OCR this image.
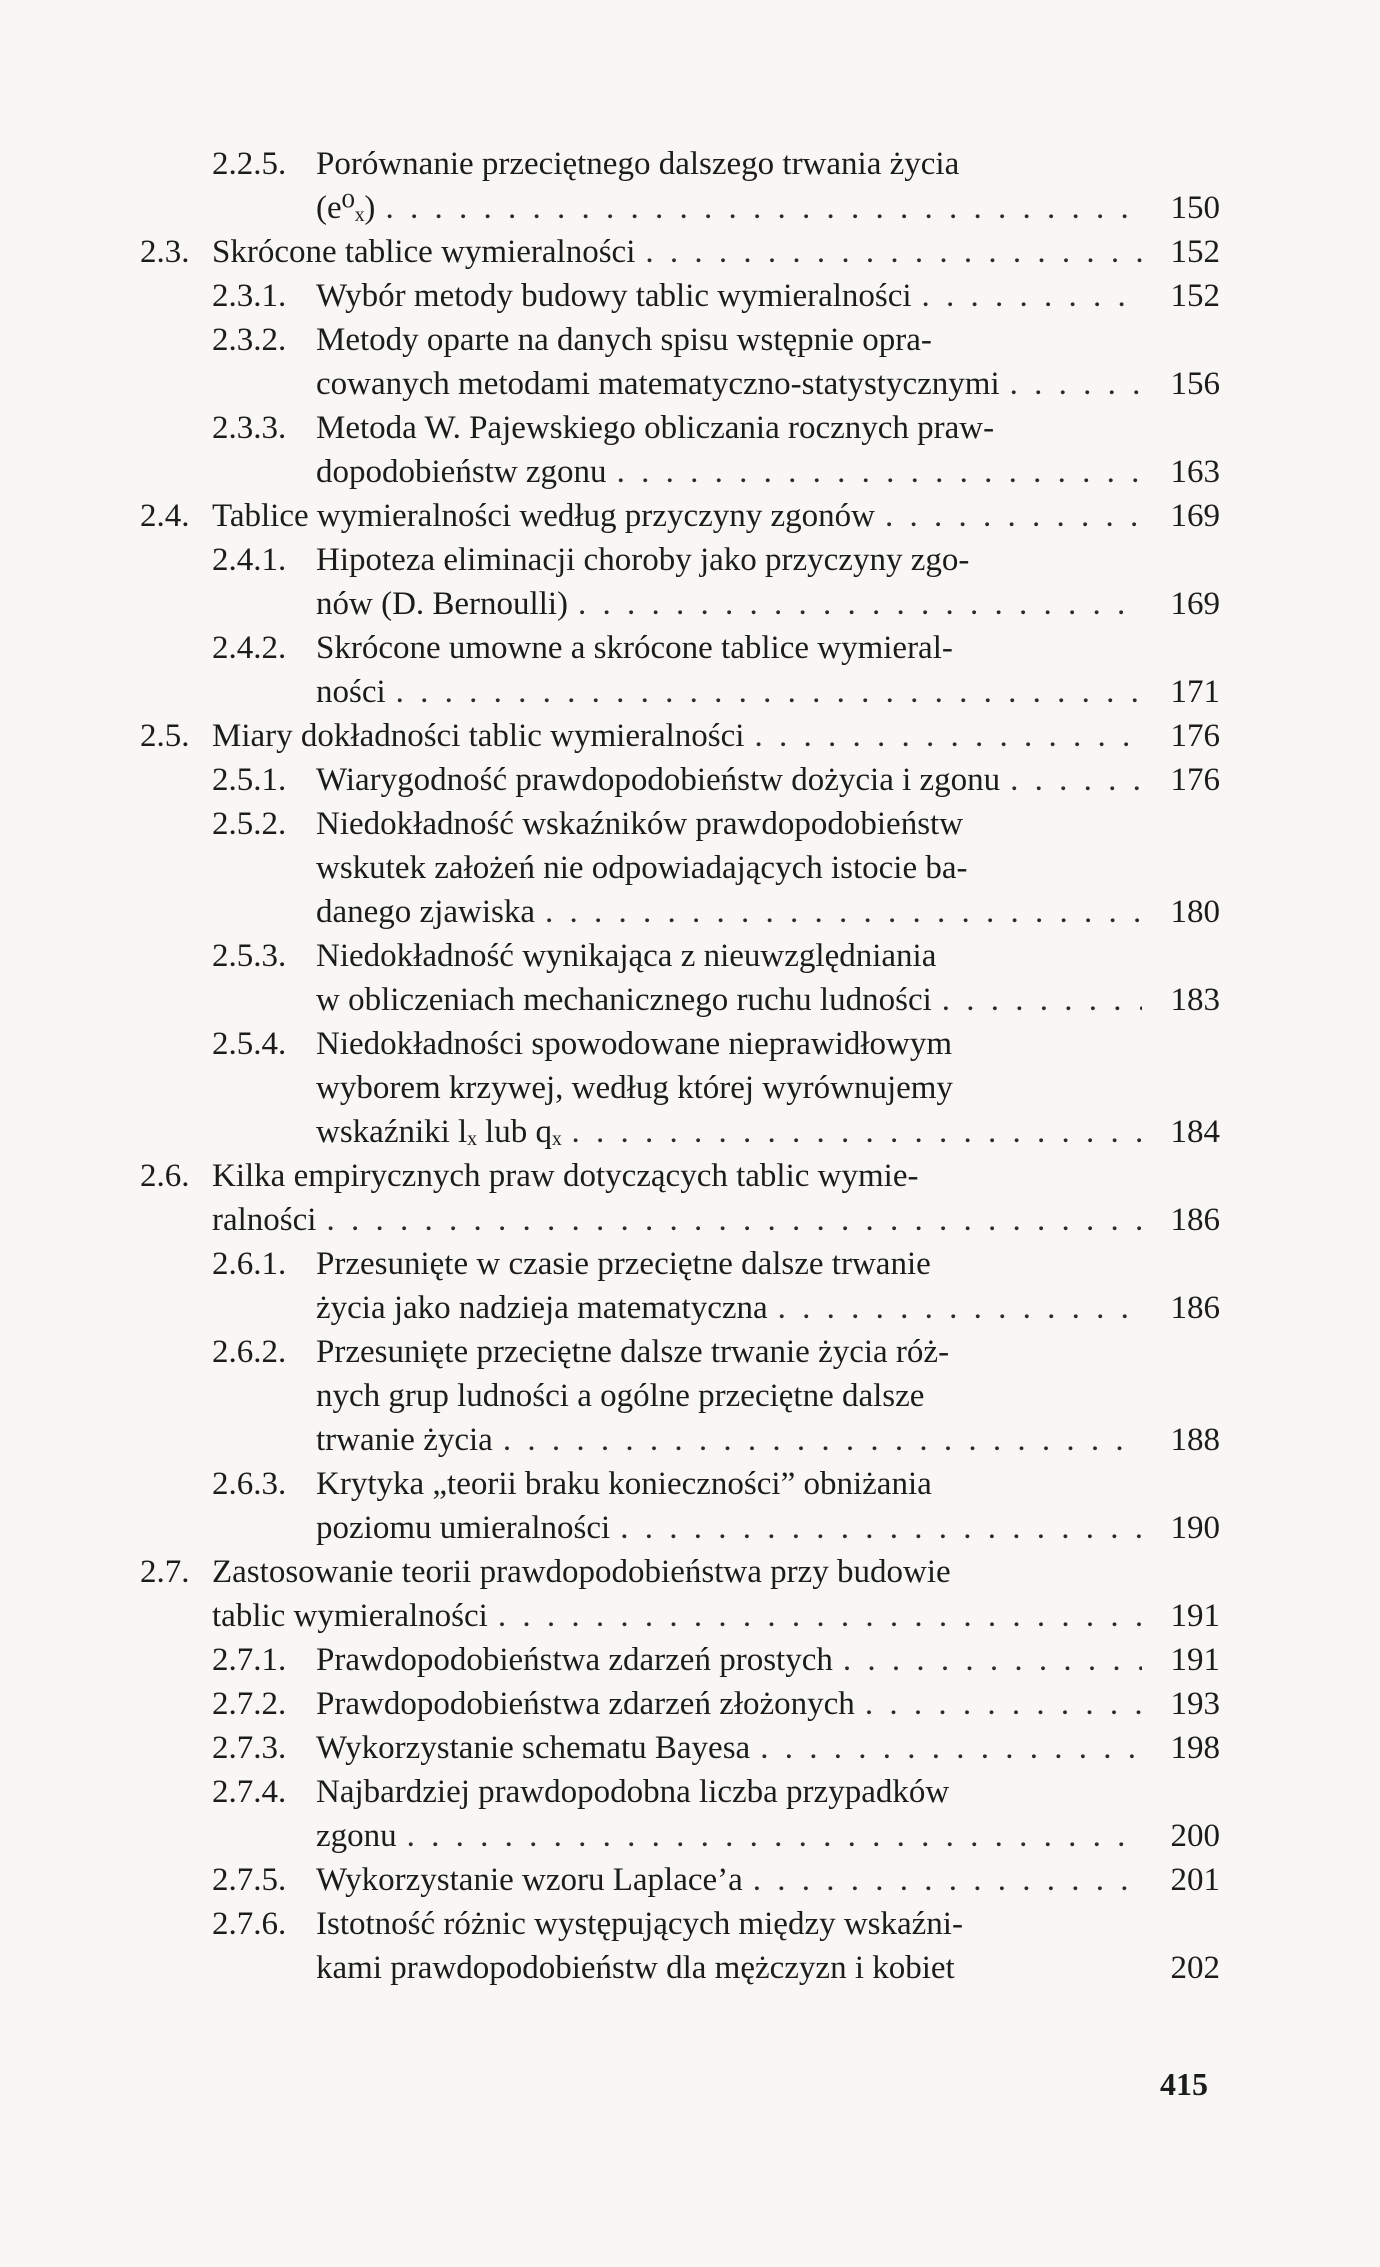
2.2.5. Porównanie przeciętnego dalszego trwania życia
(e⁰ₓ) . . .	150
2.3. Skrócone tablice wymieralności . . .	152
2.3.1. Wybór metody budowy tablic wymieralności . . .	152
2.3.2. Metody oparte na danych spisu wstępnie opra-
cowanych metodami matematyczno-statystycznymi . . .	156
2.3.3. Metoda W. Pajewskiego obliczania rocznych praw-
dopodobieństw zgonu . . .	163
2.4. Tablice wymieralności według przyczyny zgonów . . .	169
2.4.1. Hipoteza eliminacji choroby jako przyczyny zgo-
nów (D. Bernoulli) . . .	169
2.4.2. Skrócone umowne a skrócone tablice wymieral-
ności . . .	171
2.5. Miary dokładności tablic wymieralności . . .	176
2.5.1. Wiarygodność prawdopodobieństw dożycia i zgonu . . .	176
2.5.2. Niedokładność wskaźników prawdopodobieństw
wskutek założeń nie odpowiadających istocie ba-
danego zjawiska . . .	180
2.5.3. Niedokładność wynikająca z nieuwzględniania
w obliczeniach mechanicznego ruchu ludności . . .	183
2.5.4. Niedokładności spowodowane nieprawidłowym
wyborem krzywej, według której wyrównujemy
wskaźniki lₓ lub qₓ . . .	184
2.6. Kilka empirycznych praw dotyczących tablic wymie-
ralności . . .	186
2.6.1. Przesunięte w czasie przeciętne dalsze trwanie
życia jako nadzieja matematyczna . . .	186
2.6.2. Przesunięte przeciętne dalsze trwanie życia róż-
nych grup ludności a ogólne przeciętne dalsze
trwanie życia . . .	188
2.6.3. Krytyka „teorii braku konieczności” obniżania
poziomu umieralności . . .	190
2.7. Zastosowanie teorii prawdopodobieństwa przy budowie
tablic wymieralności . . .	191
2.7.1. Prawdopodobieństwa zdarzeń prostych . . .	191
2.7.2. Prawdopodobieństwa zdarzeń złożonych . . .	193
2.7.3. Wykorzystanie schematu Bayesa . . .	198
2.7.4. Najbardziej prawdopodobna liczba przypadków
zgonu . . .	200
2.7.5. Wykorzystanie wzoru Laplace’a . . .	201
2.7.6. Istotność różnic występujących między wskaźni-
kami prawdopodobieństw dla mężczyzn i kobiet	202
415
